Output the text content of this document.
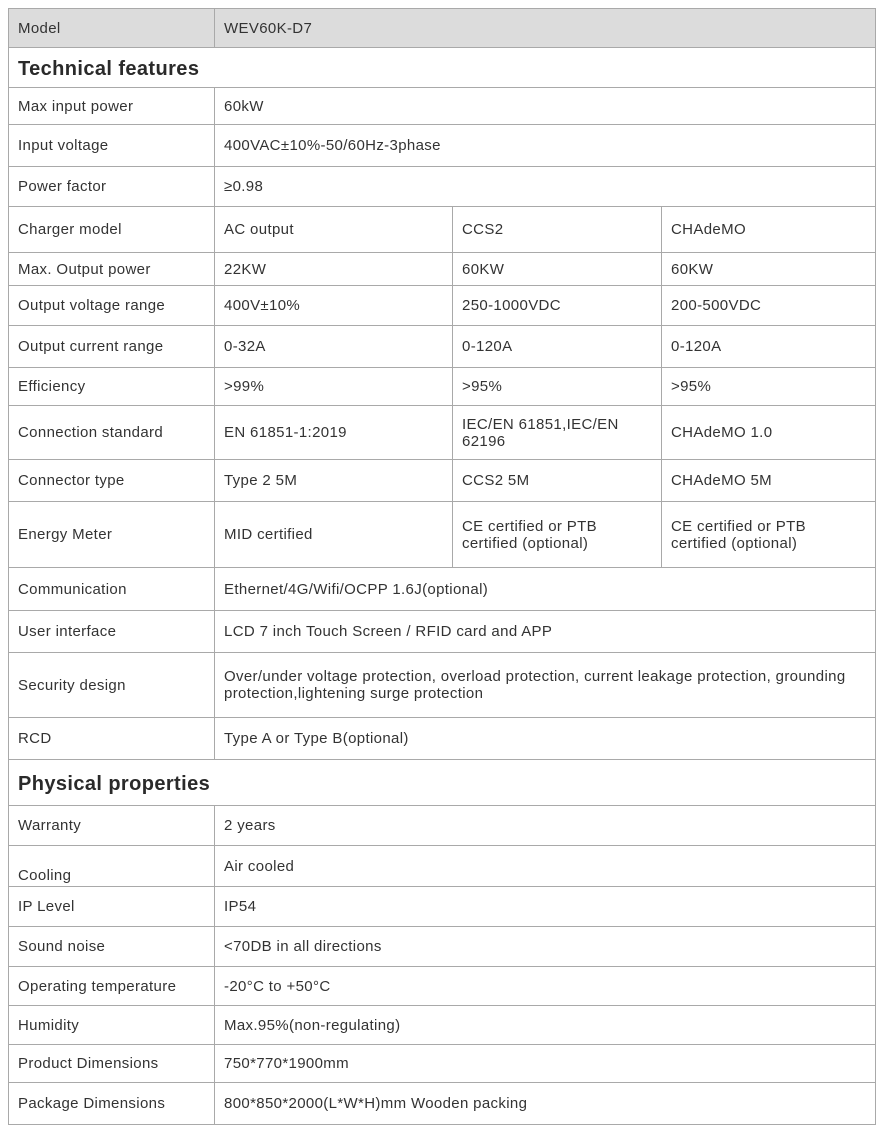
Model	WEV60K-D7		
Technical features			
Max input power	60kW		
Input voltage	400VAC±10%-50/60Hz-3phase		
Power factor	≥0.98		
Charger model	AC output	CCS2	CHAdeMO
Max. Output power	22KW	60KW	60KW
Output voltage range	400V±10%	250-1000VDC	200-500VDC
Output current range	0-32A	0-120A	0-120A
Efficiency	>99%	>95%	>95%
Connection standard	EN 61851-1:2019	IEC/EN 61851,IEC/EN 62196	CHAdeMO 1.0
Connector type	Type 2 5M	CCS2 5M	CHAdeMO 5M
Energy Meter	MID certified	CE certified or PTB certified (optional)	CE certified or PTB certified (optional)
Communication	Ethernet/4G/Wifi/OCPP 1.6J(optional)		
User interface	LCD 7 inch Touch Screen / RFID card and APP		
Security design	Over/under voltage protection, overload protection, current leakage protection, grounding protection,lightening surge protection		
RCD	Type A or Type B(optional)		
Physical properties			
Warranty	2 years		
Cooling	Air cooled		
IP Level	IP54		
Sound noise	<70DB in all directions		
Operating temperature	-20°C to +50°C		
Humidity	Max.95%(non-regulating)		
Product Dimensions	750*770*1900mm		
Package Dimensions	800*850*2000(L*W*H)mm Wooden packing		
